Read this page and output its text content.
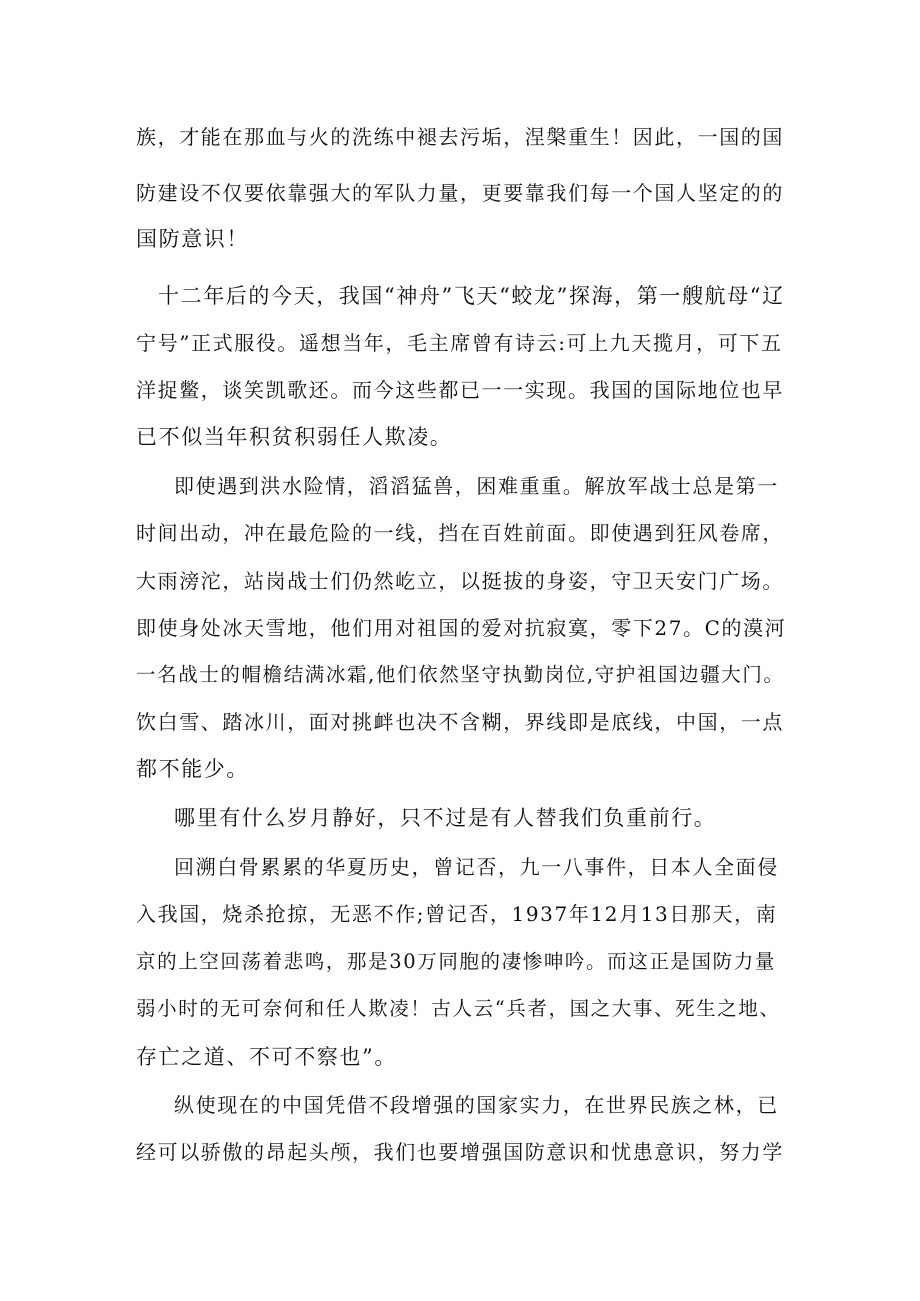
族，才能在那血与火的洗练中褪去污垢，涅槃重生！因此，一国的国
防建设不仅要依靠强大的军队力量，更要靠我们每一个国人坚定的的
国防意识！
十二年后的今天，我国“神舟”飞天“蛟龙”探海，第一艘航母“辽
宁号”正式服役。遥想当年，毛主席曾有诗云:可上九天揽月，可下五
洋捉鳖，谈笑凯歌还。而今这些都已一一实现。我国的国际地位也早
已不似当年积贫积弱任人欺凌。
即使遇到洪水险情，滔滔猛兽，困难重重。解放军战士总是第一
时间出动，冲在最危险的一线，挡在百姓前面。即使遇到狂风卷席，
大雨滂沱，站岗战士们仍然屹立，以挺拔的身姿，守卫天安门广场。
即使身处冰天雪地，他们用对祖国的爱对抗寂寞，零下27。C的漠河
一名战士的帽檐结满冰霜,他们依然坚守执勤岗位,守护祖国边疆大门。
饮白雪、踏冰川，面对挑衅也决不含糊，界线即是底线，中国，一点
都不能少。
哪里有什么岁月静好，只不过是有人替我们负重前行。
回溯白骨累累的华夏历史，曾记否，九一八事件，日本人全面侵
入我国，烧杀抢掠，无恶不作;曾记否，1937年12月13日那天，南
京的上空回荡着悲鸣，那是30万同胞的凄惨呻吟。而这正是国防力量
弱小时的无可奈何和任人欺凌！古人云“兵者，国之大事、死生之地、
存亡之道、不可不察也”。
纵使现在的中国凭借不段增强的国家实力，在世界民族之林，已
经可以骄傲的昂起头颅，我们也要增强国防意识和忧患意识，努力学
